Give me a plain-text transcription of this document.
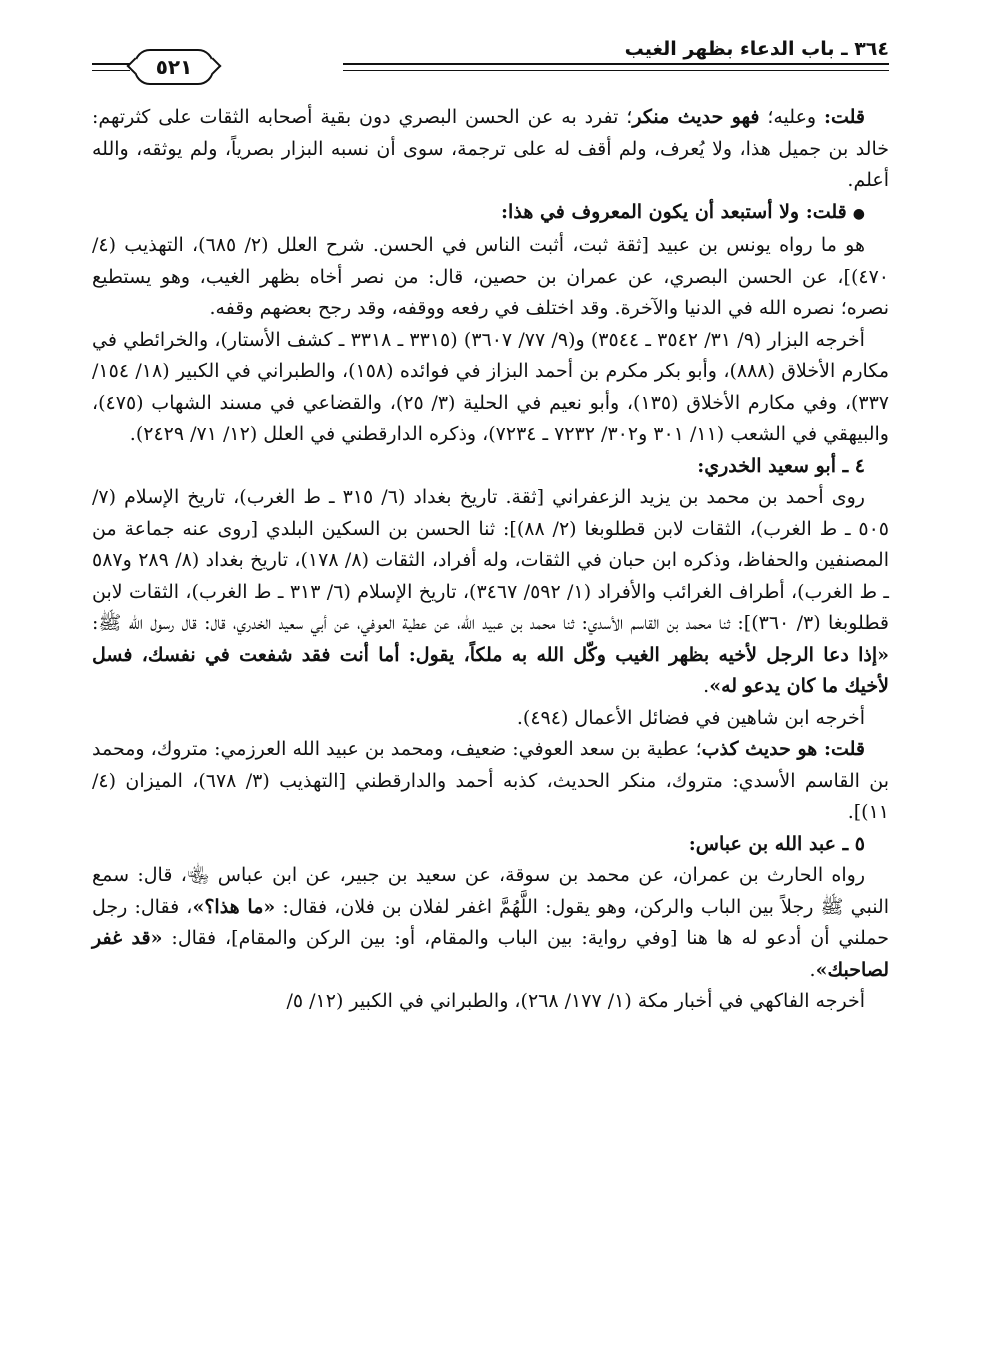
٣٦٤ ـ باب الدعاء بظهر الغيب
٥٢١

قلت: وعليه؛ فهو حديث منكر؛ تفرد به عن الحسن البصري دون بقية أصحابه الثقات على كثرتهم: خالد بن جميل هذا، ولا يُعرف، ولم أقف له على ترجمة، سوى أن نسبه البزار بصرياً، ولم يوثقه، والله أعلم.

●قلت: ولا أستبعد أن يكون المعروف في هذا:

هو ما رواه يونس بن عبيد [ثقة ثبت، أثبت الناس في الحسن. شرح العلل (٢/ ٦٨٥)، التهذيب (٤/ ٤٧٠)]، عن الحسن البصري، عن عمران بن حصين، قال: من نصر أخاه بظهر الغيب، وهو يستطيع نصره؛ نصره الله في الدنيا والآخرة. وقد اختلف في رفعه ووقفه، وقد رجح بعضهم وقفه.

أخرجه البزار (٩/ ٣١/ ٣٥٤٢ ـ ٣٥٤٤) و(٩/ ٧٧/ ٣٦٠٧) (٣٣١٥ ـ ٣٣١٨ ـ كشف الأستار)، والخرائطي في مكارم الأخلاق (٨٨٨)، وأبو بكر مكرم بن أحمد البزاز في فوائده (١٥٨)، والطبراني في الكبير (١٨/ ١٥٤/ ٣٣٧)، وفي مكارم الأخلاق (١٣٥)، وأبو نعيم في الحلية (٣/ ٢٥)، والقضاعي في مسند الشهاب (٤٧٥)، والبيهقي في الشعب (١١/ ٣٠١ و٣٠٢/ ٧٢٣٢ ـ ٧٢٣٤)، وذكره الدارقطني في العلل (١٢/ ٧١/ ٢٤٢٩).

٤ ـ أبو سعيد الخدري:

روى أحمد بن محمد بن يزيد الزعفراني [ثقة. تاريخ بغداد (٦/ ٣١٥ ـ ط الغرب)، تاريخ الإسلام (٧/ ٥٠٥ ـ ط الغرب)، الثقات لابن قطلوبغا (٢/ ٨٨)]: ثنا الحسن بن السكين البلدي [روى عنه جماعة من المصنفين والحفاظ، وذكره ابن حبان في الثقات، وله أفراد، الثقات (٨/ ١٧٨)، تاريخ بغداد (٨/ ٢٨٩ و٥٨٧ ـ ط الغرب)، أطراف الغرائب والأفراد (١/ ٥٩٢/ ٣٤٦٧)، تاريخ الإسلام (٦/ ٣١٣ ـ ط الغرب)، الثقات لابن قطلوبغا (٣/ ٣٦٠)]: ثنا محمد بن القاسم الأسدي: ثنا محمد بن عبيد الله، عن عطية العوفي، عن أبي سعيد الخدري، قال: قال رسول الله ﷺ: «إذا دعا الرجل لأخيه بظهر الغيب وكّل الله به ملكاً، يقول: أما أنت فقد شفعت في نفسك، فسل لأخيك ما كان يدعو له».

أخرجه ابن شاهين في فضائل الأعمال (٤٩٤).

قلت: هو حديث كذب؛ عطية بن سعد العوفي: ضعيف، ومحمد بن عبيد الله العرزمي: متروك، ومحمد بن القاسم الأسدي: متروك، منكر الحديث، كذبه أحمد والدارقطني [التهذيب (٣/ ٦٧٨)، الميزان (٤/ ١١)].

٥ ـ عبد الله بن عباس:

رواه الحارث بن عمران، عن محمد بن سوقة، عن سعيد بن جبير، عن ابن عباس ﵄، قال: سمع النبي ﷺ رجلاً بين الباب والركن، وهو يقول: اللَّهُمَّ اغفر لفلان بن فلان، فقال: «ما هذا؟»، فقال: رجل حملني أن أدعو له ها هنا [وفي رواية: بين الباب والمقام، أو: بين الركن والمقام]، فقال: «قد غفر لصاحبك».

أخرجه الفاكهي في أخبار مكة (١/ ١٧٧/ ٢٦٨)، والطبراني في الكبير (١٢/ ٥/
